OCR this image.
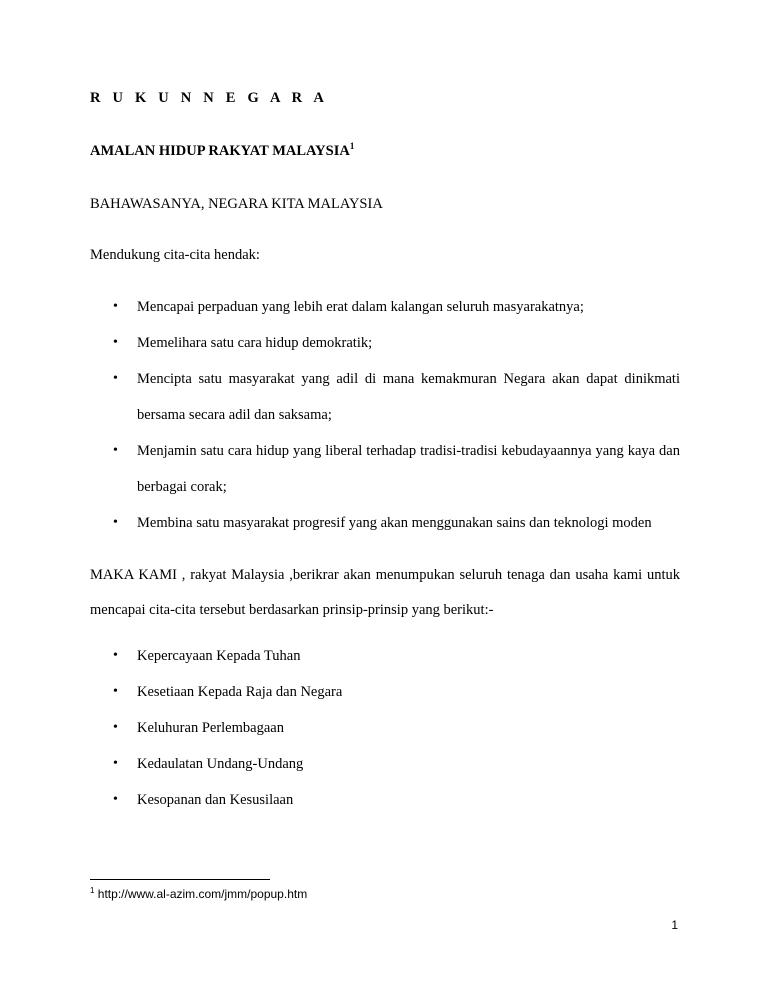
R U K U N N E G A R A
AMALAN HIDUP RAKYAT MALAYSIA$^1$
BAHAWASANYA, NEGARA KITA MALAYSIA
Mendukung cita-cita hendak:
• Mencapai perpaduan yang lebih erat dalam kalangan seluruh masyarakatnya;
• Memelihara satu cara hidup demokratik;
• Mencipta satu masyarakat yang adil di mana kemakmuran Negara akan dapat dinikmati bersama secara adil dan saksama;
• Menjamin satu cara hidup yang liberal terhadap tradisi-tradisi kebudayaannya yang kaya dan berbagai corak;
• Membina satu masyarakat progresif yang akan menggunakan sains dan teknologi moden
MAKA KAMI , rakyat Malaysia ,berikrar akan menumpukan seluruh tenaga dan usaha kami untuk mencapai cita-cita tersebut berdasarkan prinsip-prinsip yang berikut:-
• Kepercayaan Kepada Tuhan
• Kesetiaan Kepada Raja dan Negara
• Keluhuran Perlembagaan
• Kedaulatan Undang-Undang
• Kesopanan dan Kesusilaan
$^1$ http://www.al-azim.com/jmm/popup.htm
1
